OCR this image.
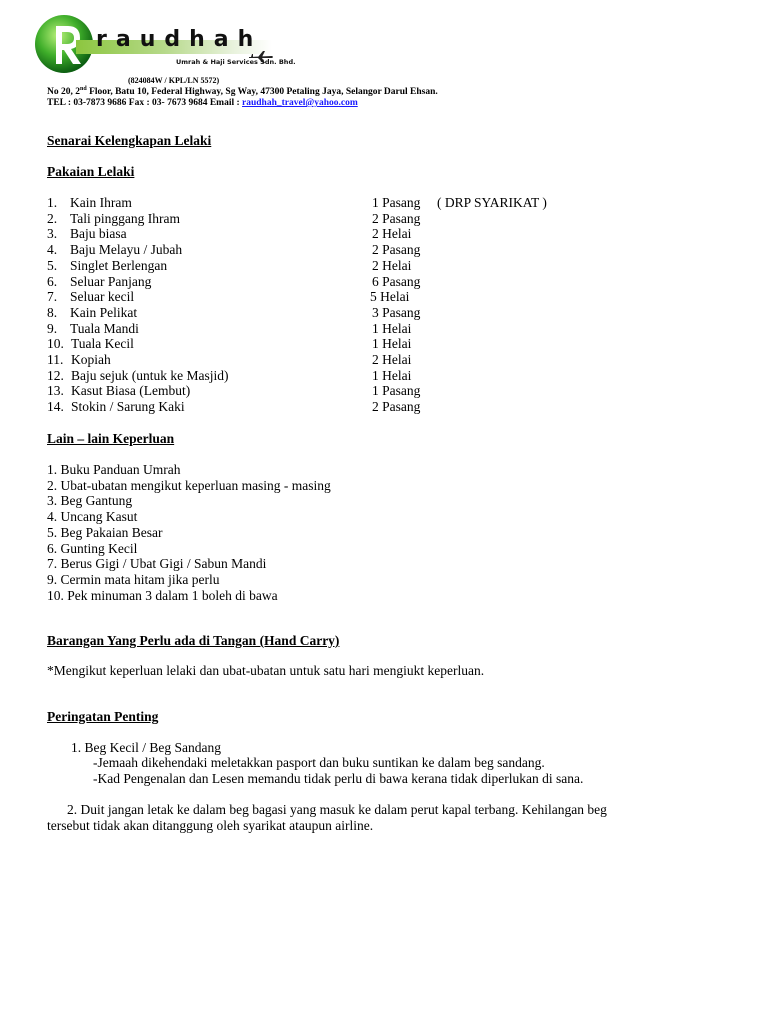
raudhah
Umrah & Haji Services Sdn. Bhd.
(824084W / KPL/LN 5572)
No 20, 2nd Floor, Batu 10, Federal Highway, Sg Way, 47300 Petaling Jaya, Selangor Darul Ehsan.
TEL : 03-7873 9686 Fax : 03- 7673 9684 Email : raudhah_travel@yahoo.com
Senarai Kelengkapan Lelaki
Pakaian Lelaki
1. Kain Ihram	1 Pasang ( DRP SYARIKAT )
2. Tali pinggang Ihram	2 Pasang
3. Baju biasa	2 Helai
4. Baju Melayu / Jubah	2 Pasang
5. Singlet Berlengan	2 Helai
6. Seluar Panjang	6 Pasang
7. Seluar kecil	5 Helai
8. Kain Pelikat	3 Pasang
9. Tuala Mandi	1 Helai
10. Tuala Kecil	1 Helai
11. Kopiah	2 Helai
12. Baju sejuk (untuk ke Masjid)	1 Helai
13. Kasut Biasa (Lembut)	1 Pasang
14. Stokin / Sarung Kaki	2 Pasang
Lain – lain Keperluan
1. Buku Panduan Umrah
2. Ubat-ubatan mengikut keperluan masing - masing
3. Beg Gantung
4. Uncang Kasut
5. Beg Pakaian Besar
6. Gunting Kecil
7. Berus Gigi / Ubat Gigi / Sabun Mandi
9. Cermin mata hitam jika perlu
10. Pek minuman 3 dalam 1 boleh di bawa
Barangan Yang Perlu ada di Tangan (Hand Carry)
*Mengikut keperluan lelaki dan ubat-ubatan untuk satu hari mengiukt keperluan.
Peringatan Penting
1. Beg Kecil / Beg Sandang
-Jemaah dikehendaki meletakkan pasport dan buku suntikan ke dalam beg sandang.
-Kad Pengenalan dan Lesen memandu tidak perlu di bawa kerana tidak diperlukan di sana.
2. Duit jangan letak ke dalam beg bagasi yang masuk ke dalam perut kapal terbang. Kehilangan beg
tersebut tidak akan ditanggung oleh syarikat ataupun airline.
